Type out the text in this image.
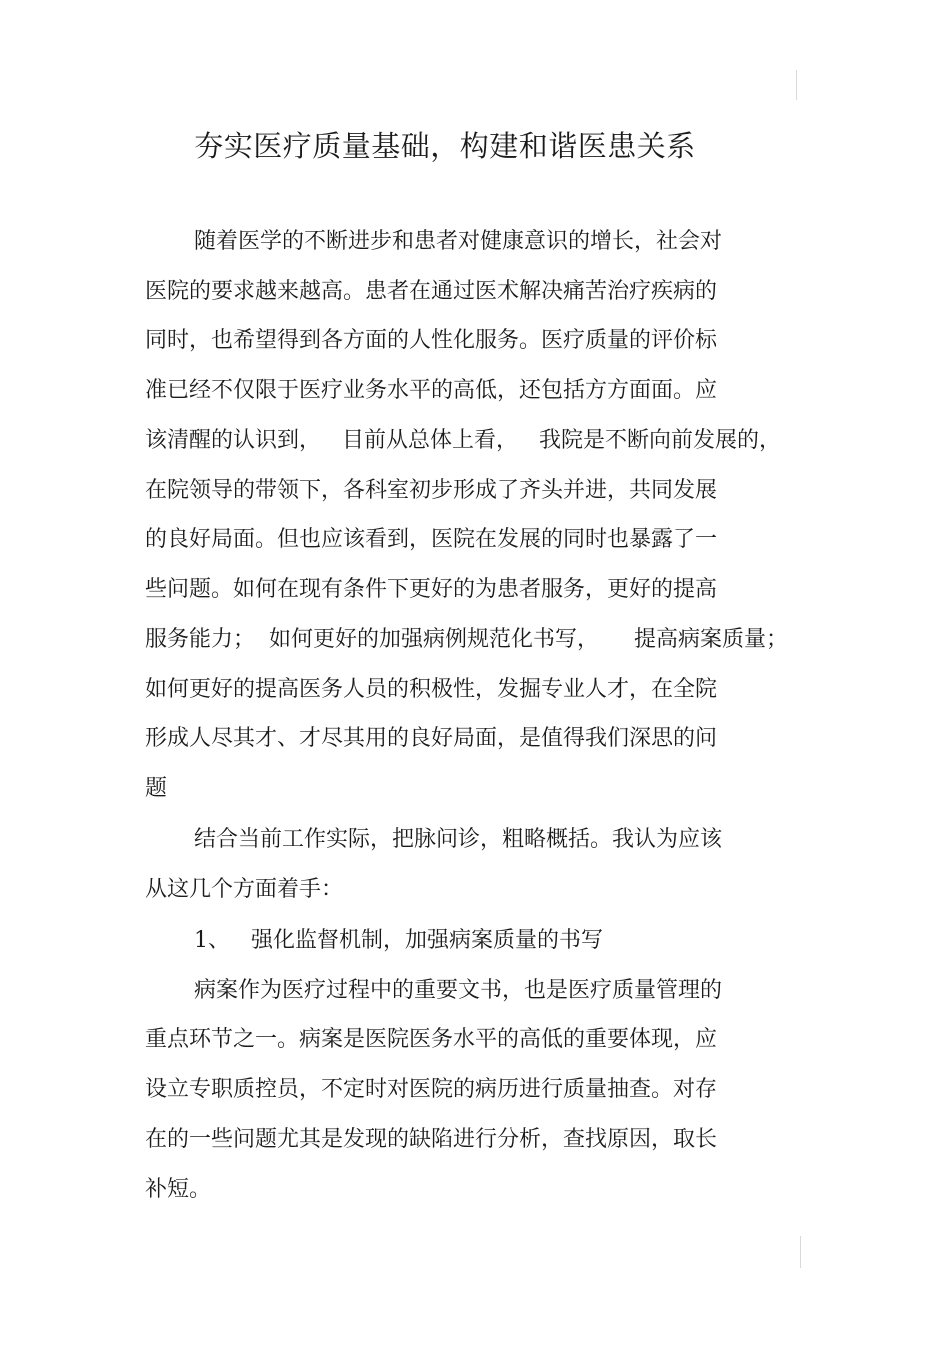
夯实医疗质量基础，构建和谐医患关系
随着医学的不断进步和患者对健康意识的增长，社会对
医院的要求越来越高。患者在通过医术解决痛苦治疗疾病的
同时，也希望得到各方面的人性化服务。医疗质量的评价标
准已经不仅限于医疗业务水平的高低，还包括方方面面。应
该清醒的认识到，   目前从总体上看，   我院是不断向前发展的，
在院领导的带领下，各科室初步形成了齐头并进，共同发展
的良好局面。但也应该看到，医院在发展的同时也暴露了一
些问题。如何在现有条件下更好的为患者服务，更好的提高
服务能力；  如何更好的加强病例规范化书写，     提高病案质量；
如何更好的提高医务人员的积极性，发掘专业人才，在全院
形成人尽其才、才尽其用的良好局面，是值得我们深思的问
题
结合当前工作实际，把脉问诊，粗略概括。我认为应该
从这几个方面着手：
1、   强化监督机制，加强病案质量的书写
病案作为医疗过程中的重要文书，也是医疗质量管理的
重点环节之一。病案是医院医务水平的高低的重要体现，应
设立专职质控员，不定时对医院的病历进行质量抽查。对存
在的一些问题尤其是发现的缺陷进行分析，查找原因，取长
补短。
